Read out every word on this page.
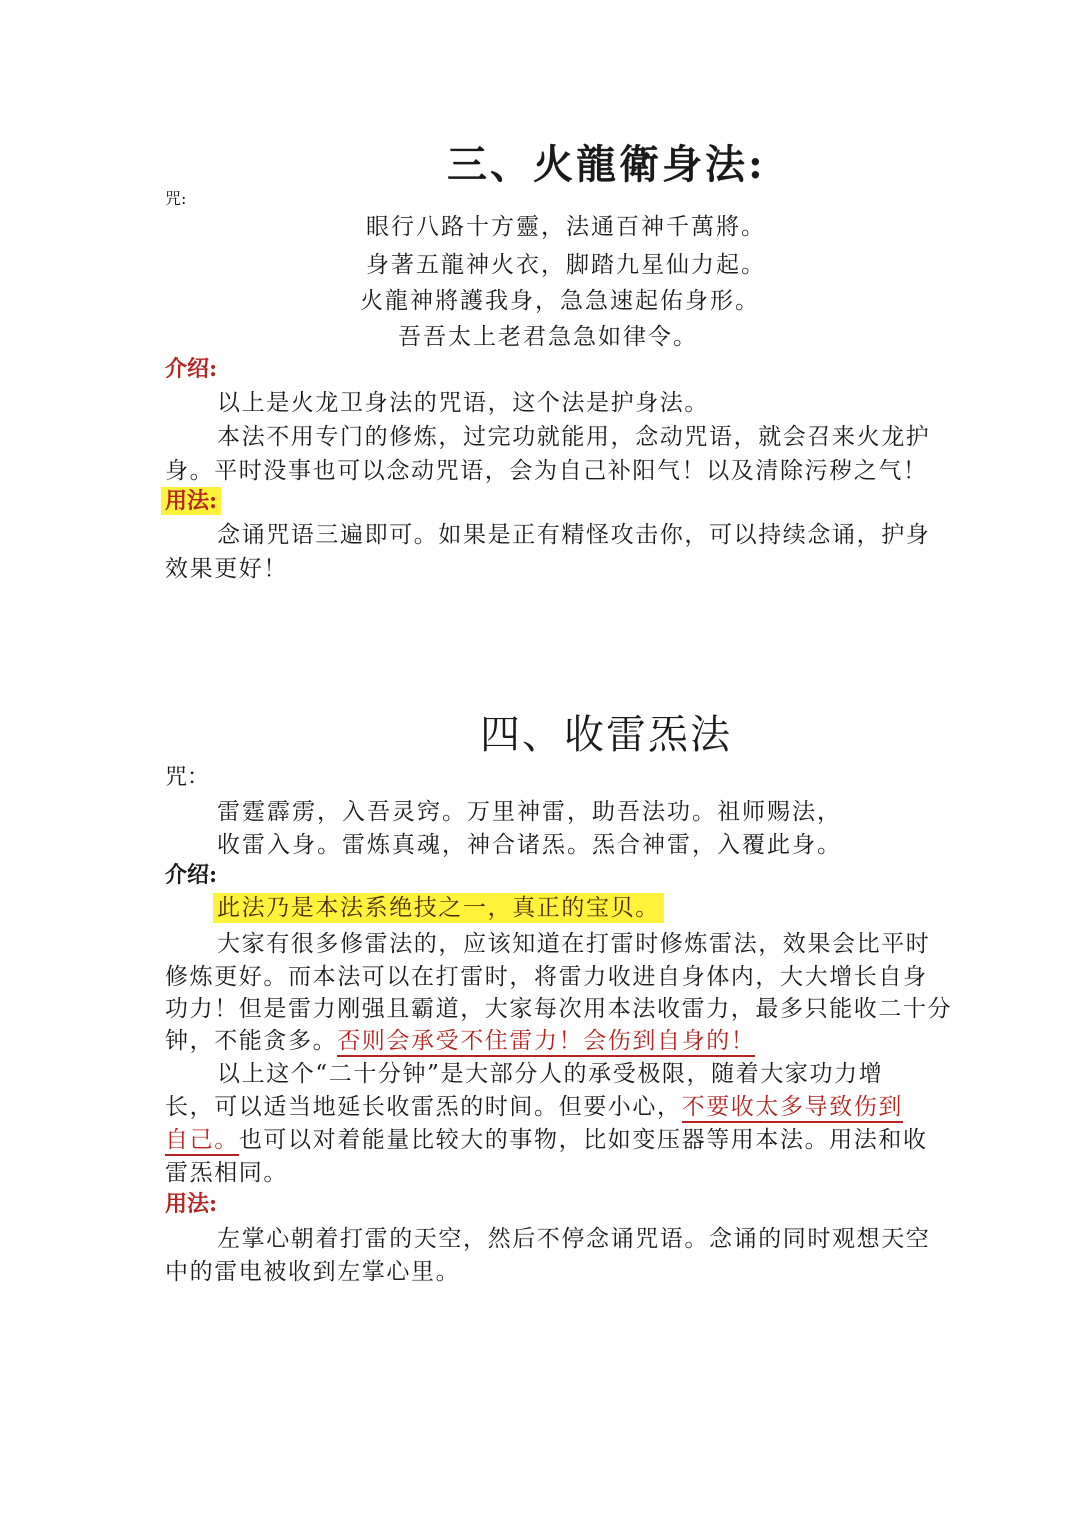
三、火龍衛身法:
咒:
眼行八路十方靈，法通百神千萬將。
身著五龍神火衣，脚踏九星仙力起。
火龍神將護我身，急急速起佑身形。
吾吾太上老君急急如律令。
介绍:
以上是火龙卫身法的咒语，这个法是护身法。
本法不用专门的修炼，过完功就能用，念动咒语，就会召来火龙护
身。平时没事也可以念动咒语，会为自己补阳气！以及清除污秽之气！
用法:
念诵咒语三遍即可。如果是正有精怪攻击你，可以持续念诵，护身
效果更好！
四、收雷炁法
咒：
雷霆霹雳，入吾灵窍。万里神雷，助吾法功。祖师赐法，
收雷入身。雷炼真魂，神合诸炁。炁合神雷，入覆此身。
介绍:
此法乃是本法系绝技之一，真正的宝贝。
大家有很多修雷法的，应该知道在打雷时修炼雷法，效果会比平时
修炼更好。而本法可以在打雷时，将雷力收进自身体内，大大增长自身
功力！但是雷力刚强且霸道，大家每次用本法收雷力，最多只能收二十分
钟，不能贪多。否则会承受不住雷力！会伤到自身的！
以上这个“二十分钟”是大部分人的承受极限，随着大家功力增
长，可以适当地延长收雷炁的时间。但要小心，不要收太多导致伤到
自己。也可以对着能量比较大的事物，比如变压器等用本法。用法和收
雷炁相同。
用法:
左掌心朝着打雷的天空，然后不停念诵咒语。念诵的同时观想天空
中的雷电被收到左掌心里。
